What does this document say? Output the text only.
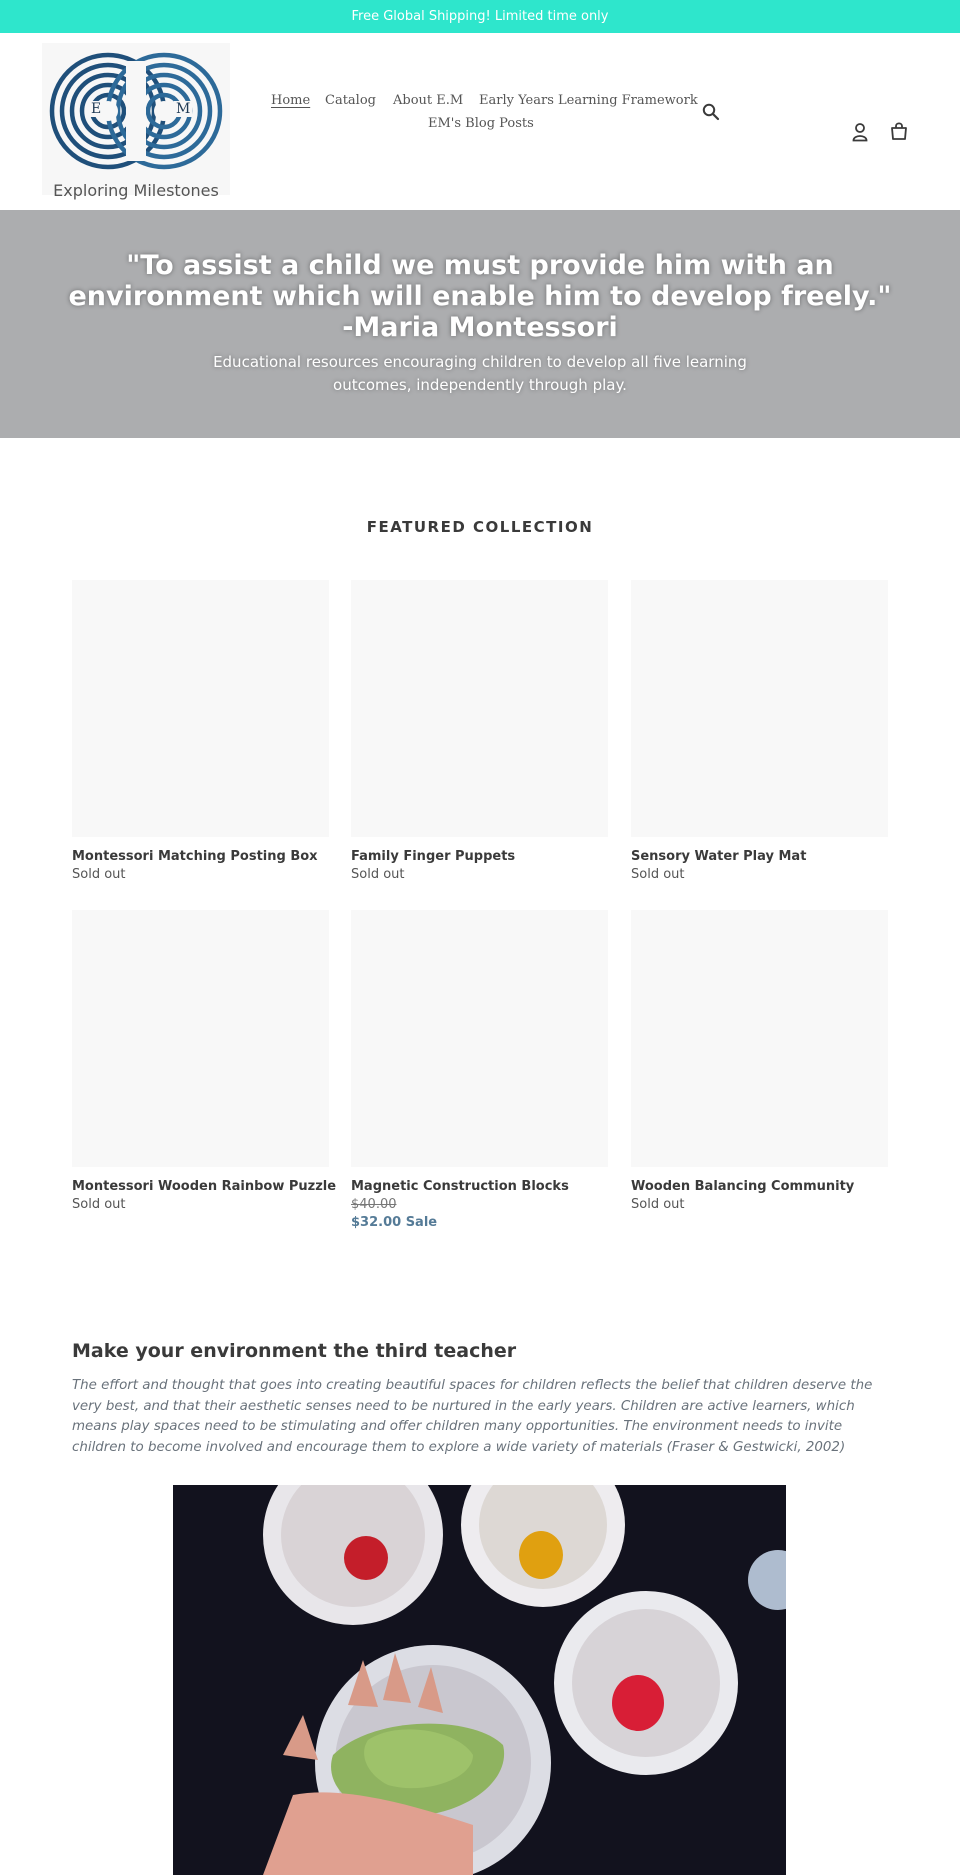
Free Global Shipping! Limited time only
E	M
Exploring Milestones
Home Catalog About E.M Early Years Learning Framework
EM's Blog Posts
"To assist a child we must provide him with an environment which will enable him to develop freely." -Maria Montessori
Educational resources encouraging children to develop all five learning outcomes, independently through play.
FEATURED COLLECTION
Montessori Matching Posting Box
Sold out
Family Finger Puppets
Sold out
Sensory Water Play Mat
Sold out
Montessori Wooden Rainbow Puzzle
Sold out
Magnetic Construction Blocks
$40.00
$32.00 Sale
Wooden Balancing Community
Sold out
Make your environment the third teacher
The effort and thought that goes into creating beautiful spaces for children reflects the belief that children deserve the very best, and that their aesthetic senses need to be nurtured in the early years. Children are active learners, which means play spaces need to be stimulating and offer children many opportunities. The environment needs to invite children to become involved and encourage them to explore a wide variety of materials (Fraser & Gestwicki, 2002)
